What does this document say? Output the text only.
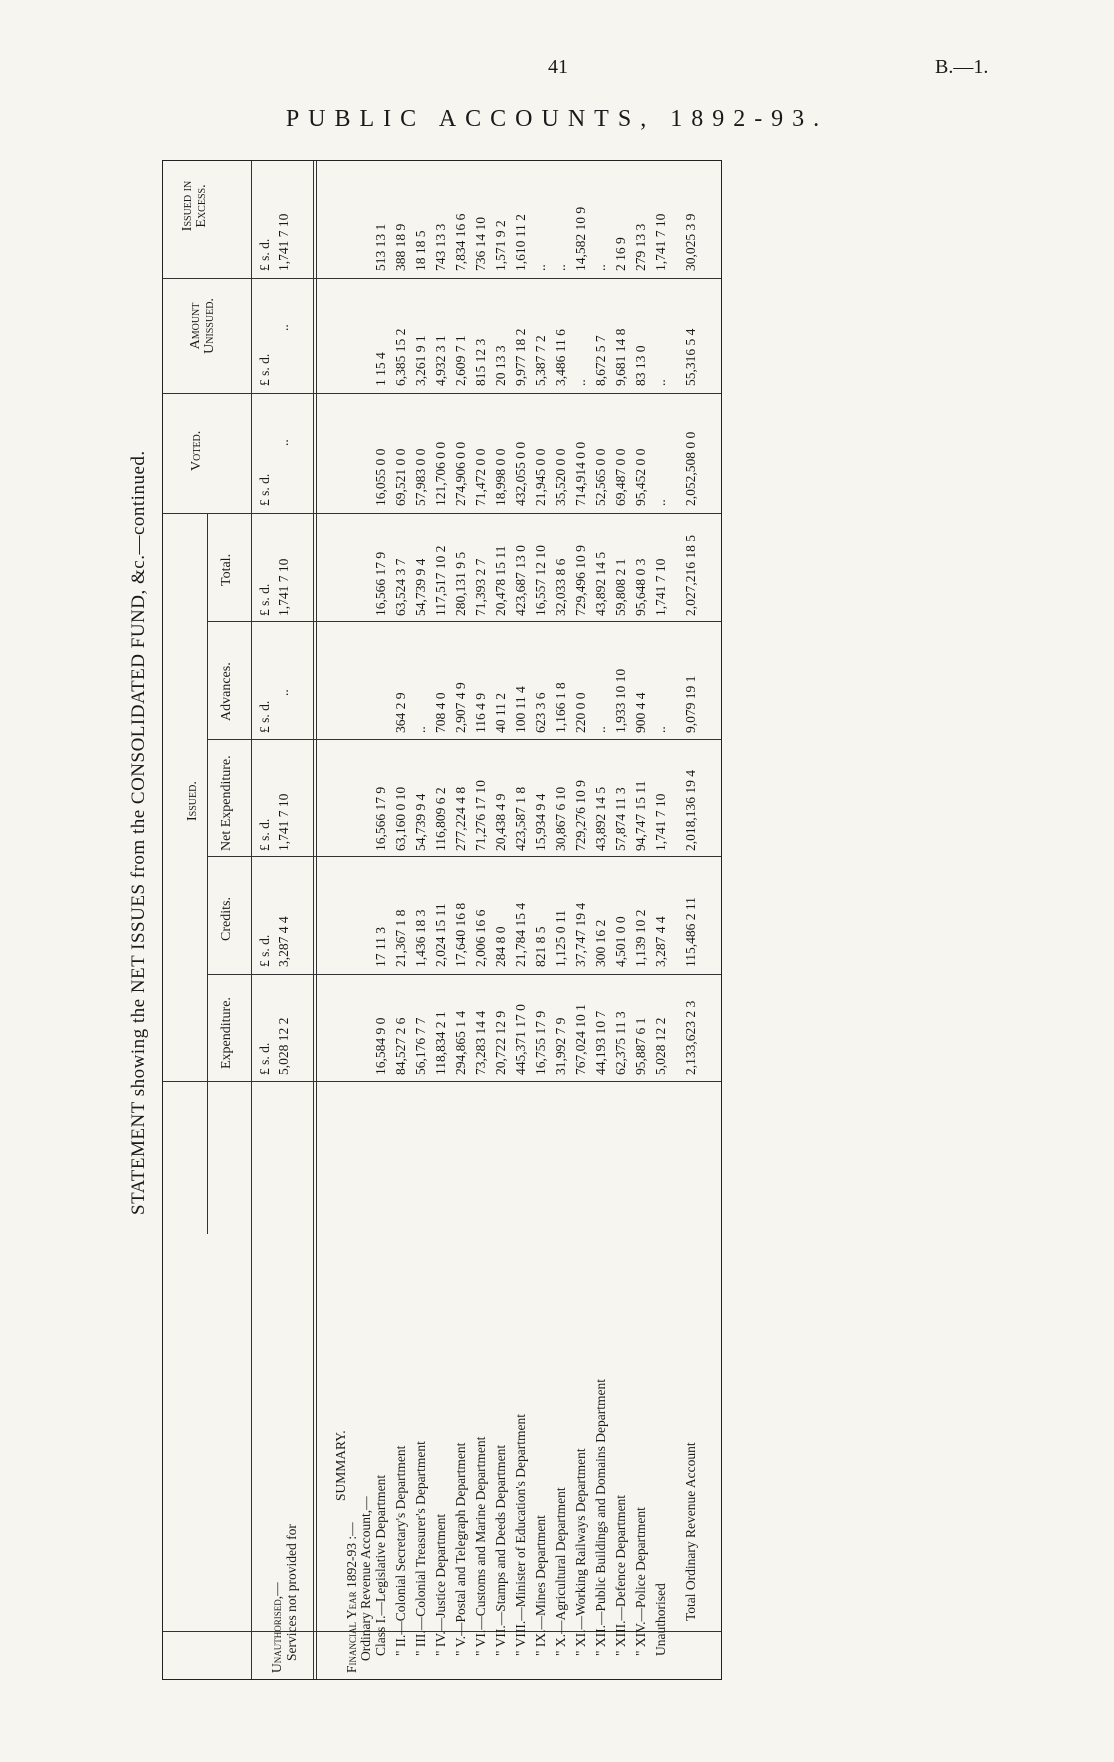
41	B.—1.
PUBLIC ACCOUNTS, 1892-93.
STATEMENT showing the NET ISSUES from the CONSOLIDATED FUND, &c.—continued.
Issued in Excess.
Amount Unissued.
Voted.
Issued.
Total.
Advances.
Net Expenditure.
Credits.
Expenditure.
£ s. d.
£ s. d.
£ s. d.
£ s. d.
£ s. d.
£ s. d.
£ s. d.
£ s. d.
Unauthorised,— Services not provided for
1,741 7 10
..
..
1,741 7 10
..
1,741 7 10
3,287 4 4
5,028 12 2
SUMMARY.
Financial Year 1892-93 :— Ordinary Revenue Account,— Class I.—Legislative Department
513 13 1
1 15 4
16,055 0 0
16,566 17 9
16,566 17 9
17 11 3
16,584 9 0
" II.—Colonial Secretary's Department
388 18 9
6,385 15 2
69,521 0 0
63,524 3 7
364 2 9
63,160 0 10
21,367 1 8
84,527 2 6
" III.—Colonial Treasurer's Department
18 18 5
3,261 9 1
57,983 0 0
54,739 9 4
..
54,739 9 4
1,436 18 3
56,176 7 7
" IV.—Justice Department
743 13 3
4,932 3 1
121,706 0 0
117,517 10 2
708 4 0
116,809 6 2
2,024 15 11
118,834 2 1
" V.—Postal and Telegraph Department
7,834 16 6
2,609 7 1
274,906 0 0
280,131 9 5
2,907 4 9
277,224 4 8
17,640 16 8
294,865 1 4
" VI.—Customs and Marine Department
736 14 10
815 12 3
71,472 0 0
71,393 2 7
116 4 9
71,276 17 10
2,006 16 6
73,283 14 4
" VII.—Stamps and Deeds Department
1,571 9 2
20 13 3
18,998 0 0
20,478 15 11
40 11 2
20,438 4 9
284 8 0
20,722 12 9
" VIII.—Minister of Education's Department
1,610 11 2
9,977 18 2
432,055 0 0
423,687 13 0
100 11 4
423,587 1 8
21,784 15 4
445,371 17 0
" IX.—Mines Department
..
5,387 7 2
21,945 0 0
16,557 12 10
623 3 6
15,934 9 4
821 8 5
16,755 17 9
" X.—Agricultural Department
..
3,486 11 6
35,520 0 0
32,033 8 6
1,166 1 8
30,867 6 10
1,125 0 11
31,992 7 9
" XI.—Working Railways Department
14,582 10 9
..
714,914 0 0
729,496 10 9
220 0 0
729,276 10 9
37,747 19 4
767,024 10 1
" XII.—Public Buildings and Domains Department
..
8,672 5 7
52,565 0 0
43,892 14 5
..
43,892 14 5
300 16 2
44,193 10 7
" XIII.—Defence Department
2 16 9
9,681 14 8
69,487 0 0
59,808 2 1
1,933 10 10
57,874 11 3
4,501 0 0
62,375 11 3
" XIV.—Police Department
279 13 3
83 13 0
95,452 0 0
95,648 0 3
900 4 4
94,747 15 11
1,139 10 2
95,887 6 1
Unauthorised
1,741 7 10
..
..
1,741 7 10
..
1,741 7 10
3,287 4 4
5,028 12 2
Total Ordinary Revenue Account
30,025 3 9
55,316 5 4
2,052,508 0 0
2,027,216 18 5
9,079 19 1
2,018,136 19 4
115,486 2 11
2,133,623 2 3
